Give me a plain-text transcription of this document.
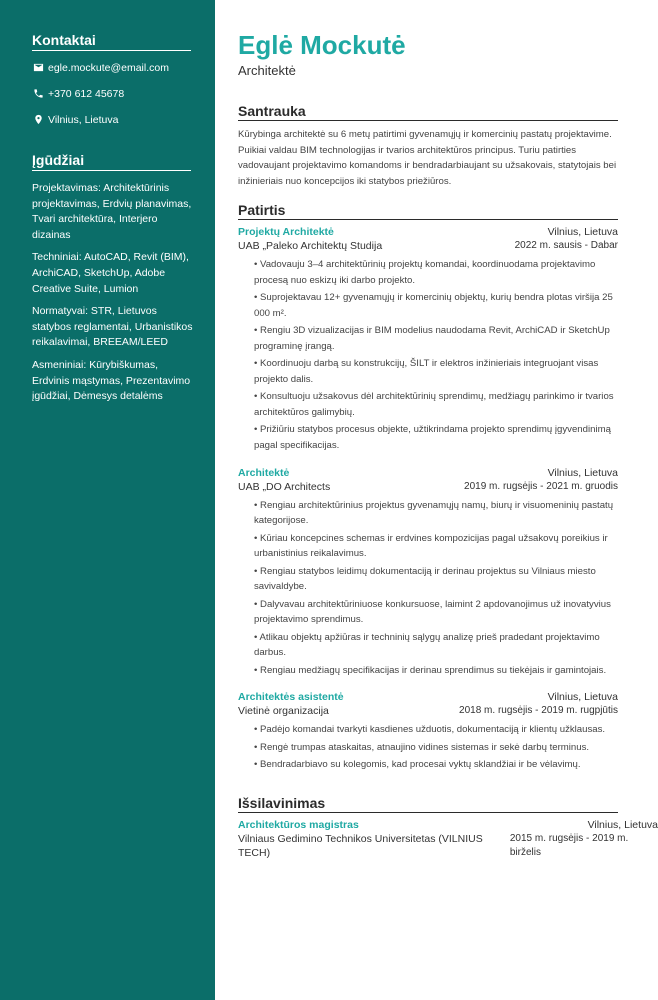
Kontaktai
egle.mockute@email.com
+370 612 45678
Vilnius, Lietuva
Įgūdžiai

Projektavimas: Architektūrinis projektavimas, Erdvių planavimas, Tvari architektūra, Interjero dizainas

Techniniai: AutoCAD, Revit (BIM), ArchiCAD, SketchUp, Adobe Creative Suite, Lumion

Normatyvai: STR, Lietuvos statybos reglamentai, Urbanistikos reikalavimai, BREEAM/LEED

Asmeniniai: Kūrybiškumas, Erdvinis mąstymas, Prezentavimo įgūdžiai, Dėmesys detalėms

Eglė Mockutė
Architektė
Santrauka

Kūrybinga architektė su 6 metų patirtimi gyvenamųjų ir komercinių pastatų projektavime. Puikiai valdau BIM technologijas ir tvarios architektūros principus. Turiu patirties vadovaujant projektavimo komandoms ir bendradarbiaujant su užsakovais, statytojais bei inžinieriais nuo koncepcijos iki statybos priežiūros.

Patirtis
Projektų Architektė	Vilnius, Lietuva
UAB „Paleko Architektų Studija	2022 m. sausis - Dabar
• Vadovauju 3–4 architektūrinių projektų komandai, koordinuodama projektavimo procesą nuo eskizų iki darbo projekto.
• Suprojektavau 12+ gyvenamųjų ir komercinių objektų, kurių bendra plotas viršija 25 000 m².
• Rengiu 3D vizualizacijas ir BIM modelius naudodama Revit, ArchiCAD ir SketchUp programinę įrangą.
• Koordinuoju darbą su konstrukcijų, ŠILT ir elektros inžinieriais integruojant visas projekto dalis.
• Konsultuoju užsakovus dėl architektūrinių sprendimų, medžiagų parinkimo ir tvarios architektūros galimybių.
• Prižiūriu statybos procesus objekte, užtikrindama projekto sprendimų įgyvendinimą pagal specifikacijas.
Architektė	Vilnius, Lietuva
UAB „DO Architects	2019 m. rugsėjis - 2021 m. gruodis
• Rengiau architektūrinius projektus gyvenamųjų namų, biurų ir visuomeninių pastatų kategorijose.
• Kūriau koncepcines schemas ir erdvines kompozicijas pagal užsakovų poreikius ir urbanistinius reikalavimus.
• Rengiau statybos leidimų dokumentaciją ir derinau projektus su Vilniaus miesto savivaldybe.
• Dalyvavau architektūriniuose konkursuose, laimint 2 apdovanojimus už inovatyvius projektavimo sprendimus.
• Atlikau objektų apžiūras ir techninių sąlygų analizę prieš pradedant projektavimo darbus.
• Rengiau medžiagų specifikacijas ir derinau sprendimus su tiekėjais ir gamintojais.
Architektės asistentė	Vilnius, Lietuva
Vietinė organizacija	2018 m. rugsėjis - 2019 m. rugpjūtis
• Padėjo komandai tvarkyti kasdienes užduotis, dokumentaciją ir klientų užklausas.
• Rengė trumpas ataskaitas, atnaujino vidines sistemas ir sekė darbų terminus.
• Bendradarbiavo su kolegomis, kad procesai vyktų sklandžiai ir be vėlavimų.
Išsilavinimas
Architektūros magistras	Vilnius, Lietuva
Vilniaus Gedimino Technikos Universitetas (VILNIUS TECH)
2015 m. rugsėjis - 2019 m. birželis
